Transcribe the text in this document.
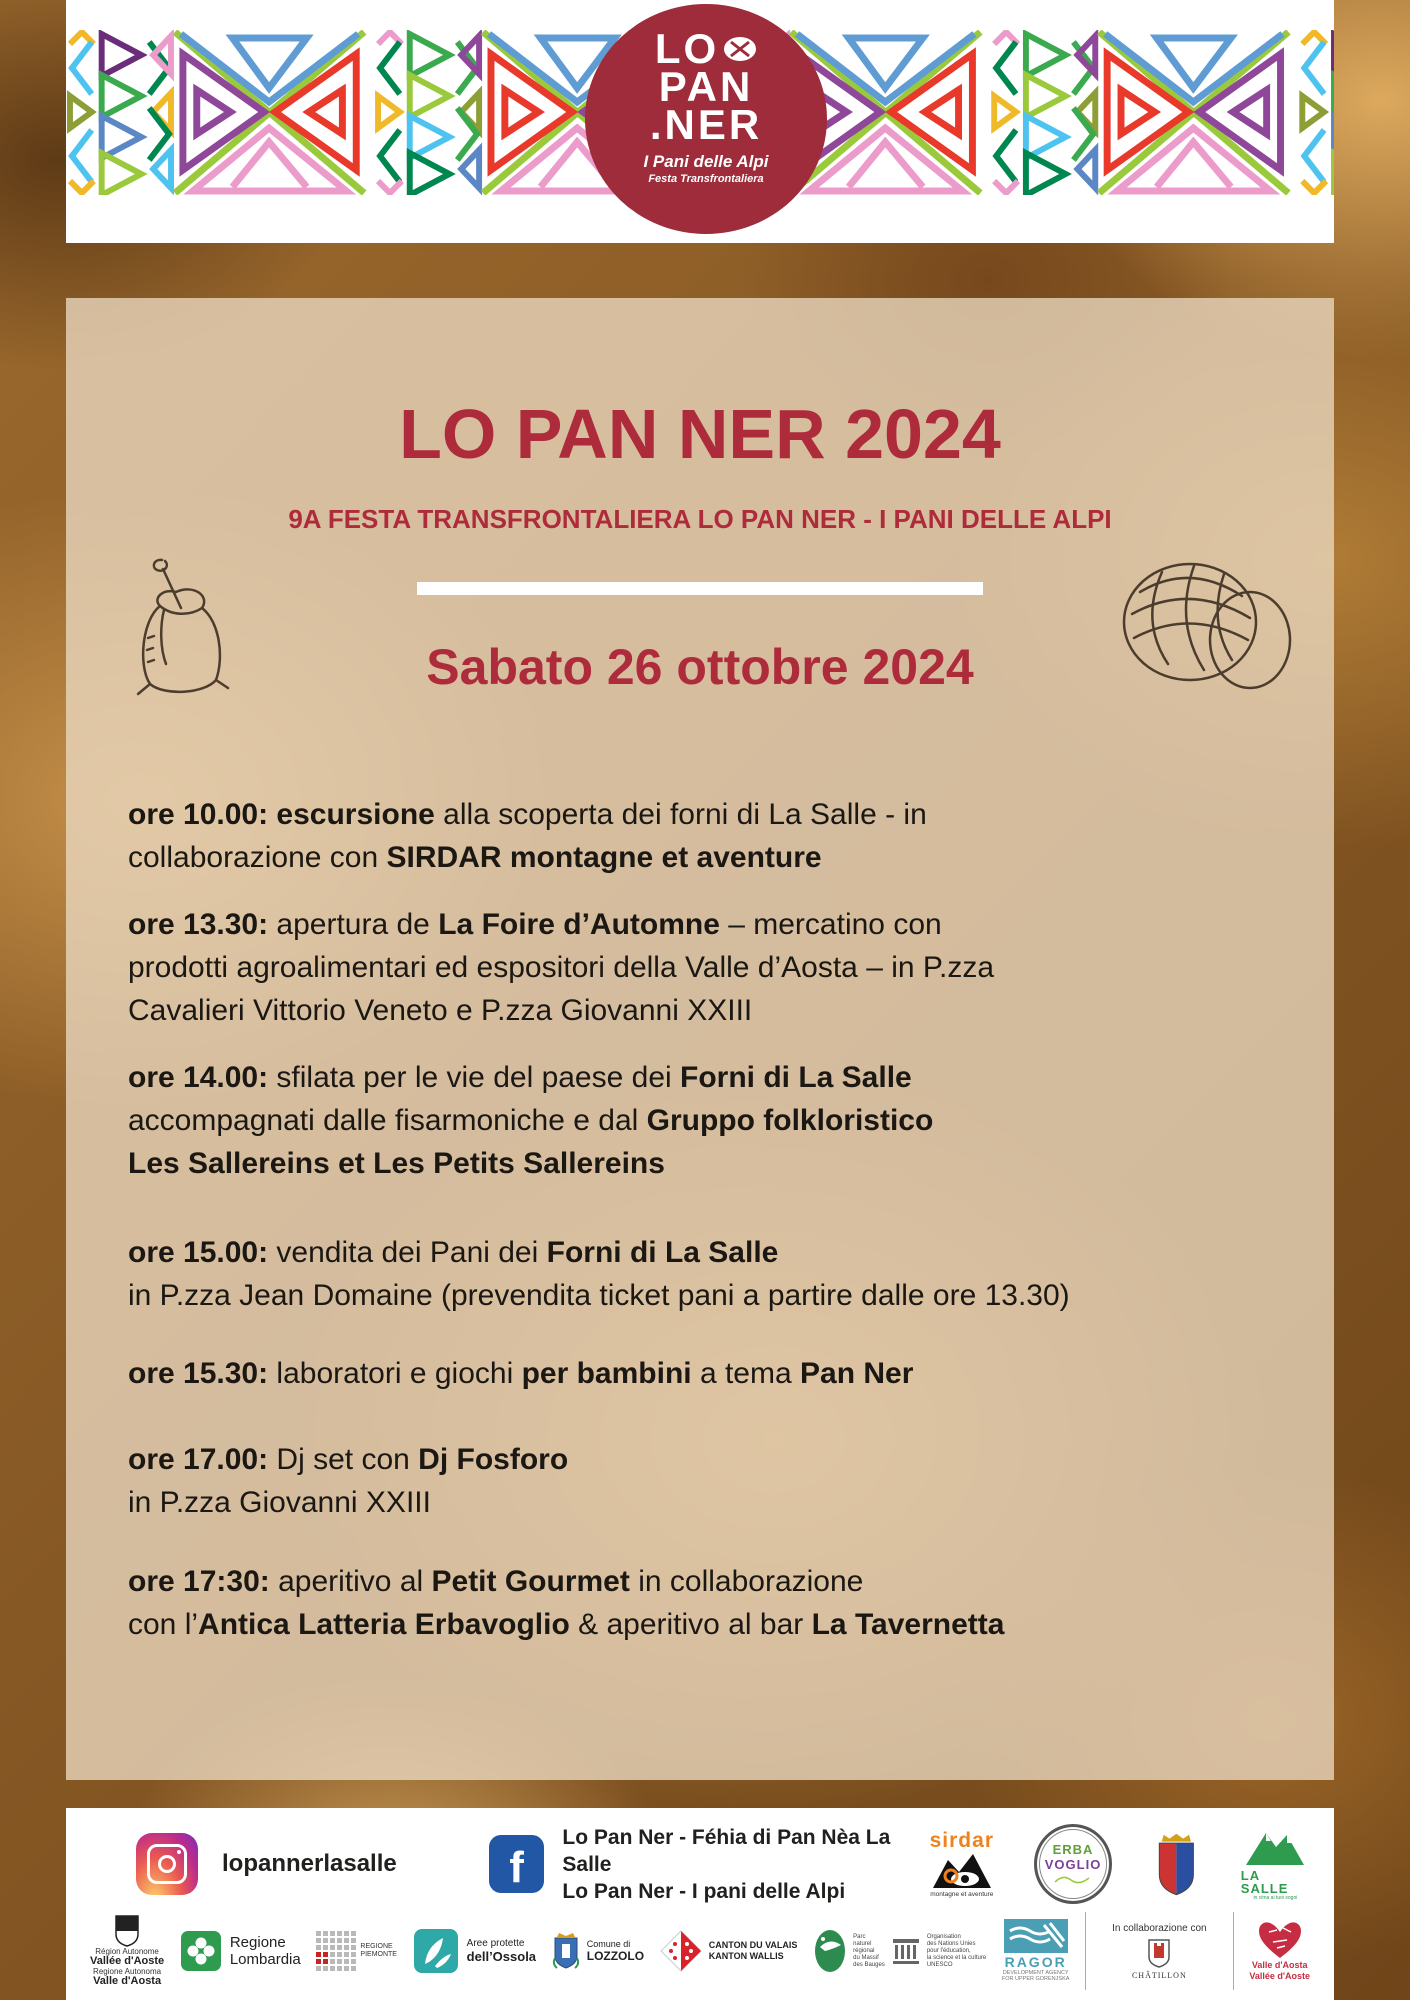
LO
PAN
.NER
I Pani delle Alpi
Festa Transfrontaliera
LO PAN NER 2024
9A FESTA TRANSFRONTALIERA LO PAN NER - I PANI DELLE ALPI
Sabato 26 ottobre 2024
ore 10.00: escursione alla scoperta dei forni di La Salle - in
collaborazione con SIRDAR montagne et aventure
ore 13.30: apertura de La Foire d’Automne – mercatino con
prodotti agroalimentari ed espositori della Valle d’Aosta – in P.zza
Cavalieri Vittorio Veneto e P.zza Giovanni XXIII
ore 14.00: sfilata per le vie del paese dei Forni di La Salle
accompagnati dalle fisarmoniche e dal Gruppo folkloristico
Les Sallereins et Les Petits Sallereins
ore 15.00: vendita dei Pani dei Forni di La Salle
in P.zza Jean Domaine (prevendita ticket pani a partire dalle ore 13.30)
ore 15.30: laboratori e giochi per bambini a tema Pan Ner
ore 17.00: Dj set con Dj Fosforo
in P.zza Giovanni XXIII
ore 17:30: aperitivo al Petit Gourmet in collaborazione
con l’Antica Latteria Erbavoglio & aperitivo al bar La Tavernetta
lopannerlasalle	f
Lo Pan Ner - Féhia di Pan Nèa La Salle
Lo Pan Ner - I pani delle Alpi
sirdar
montagne et aventure
ERBA
VOGLIO
LA SALLE
in cima ai tuoi sogni
Région Autonome
Vallée d'Aoste
Regione Autonoma
Valle d'Aosta
Regione
Lombardia
REGIONE
PIEMONTE
Aree protette
dell’Ossola
Comune di
LOZZOLO
CANTON DU VALAIS
KANTON WALLIS
Parc
naturel
régional
du Massif
des Bauges
Organisation
des Nations Unies
pour l'éducation,
la science et la culture
UNESCO	RAGOR
DEVELOPMENT AGENCY
FOR UPPER GORENJSKA
In collaborazione con
CHÂTILLON
Valle d'Aosta
Vallée d'Aoste
